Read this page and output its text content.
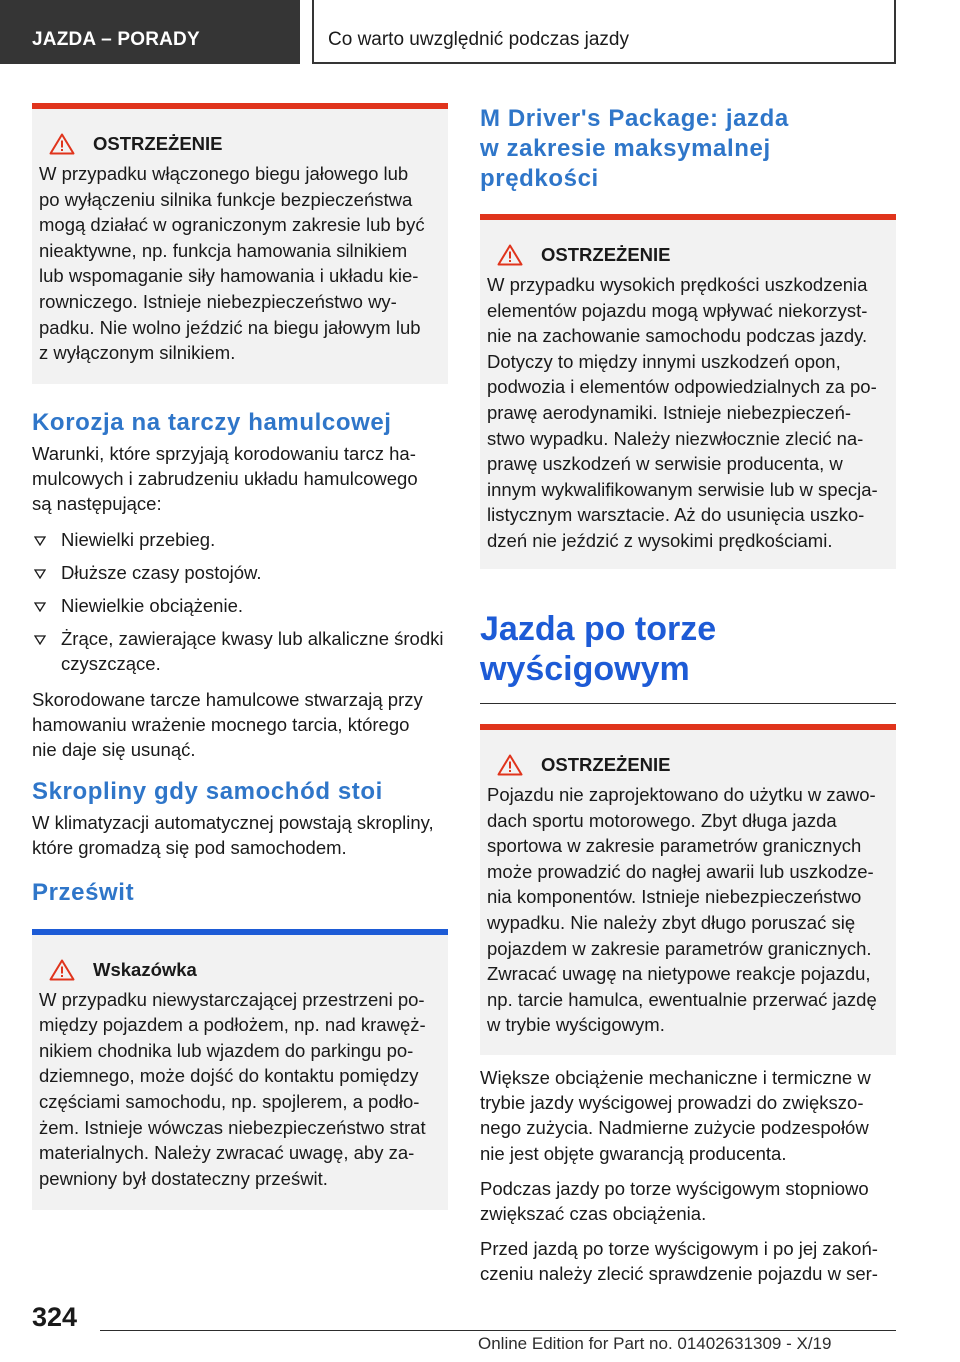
JAZDA – PORADY	Co warto uwzględnić podczas jazdy
OSTRZEŻENIE

W przypadku włączonego biegu jałowego lub
po wyłączeniu silnika funkcje bezpieczeństwa
mogą działać w ograniczonym zakresie lub być
nieaktywne, np. funkcja hamowania silnikiem
lub wspomaganie siły hamowania i układu kie-
rowniczego. Istnieje niebezpieczeństwo wy-
padku. Nie wolno jeździć na biegu jałowym lub
z wyłączonym silnikiem.

Korozja na tarczy hamulcowej

Warunki, które sprzyjają korodowaniu tarcz ha-
mulcowych i zabrudzeniu układu hamulcowego
są następujące:

Niewielki przebieg.
Dłuższe czasy postojów.
Niewielkie obciążenie.
Żrące, zawierające kwasy lub alkaliczne środki
czyszczące.

Skorodowane tarcze hamulcowe stwarzają przy
hamowaniu wrażenie mocnego tarcia, którego
nie daje się usunąć.

Skropliny gdy samochód stoi

W klimatyzacji automatycznej powstają skropliny,
które gromadzą się pod samochodem.

Prześwit
Wskazówka

W przypadku niewystarczającej przestrzeni po-
między pojazdem a podłożem, np. nad krawęż-
nikiem chodnika lub wjazdem do parkingu po-
dziemnego, może dojść do kontaktu pomiędzy
częściami samochodu, np. spojlerem, a podło-
żem. Istnieje wówczas niebezpieczeństwo strat
materialnych. Należy zwracać uwagę, aby za-
pewniony był dostateczny prześwit.

M Driver's Package: jazda
w zakresie maksymalnej
prędkości
OSTRZEŻENIE

W przypadku wysokich prędkości uszkodzenia
elementów pojazdu mogą wpływać niekorzyst-
nie na zachowanie samochodu podczas jazdy.
Dotyczy to między innymi uszkodzeń opon,
podwozia i elementów odpowiedzialnych za po-
prawę aerodynamiki. Istnieje niebezpieczeń-
stwo wypadku. Należy niezwłocznie zlecić na-
prawę uszkodzeń w serwisie producenta, w
innym wykwalifikowanym serwisie lub w specja-
listycznym warsztacie. Aż do usunięcia uszko-
dzeń nie jeździć z wysokimi prędkościami.

Jazda po torze
wyścigowym
OSTRZEŻENIE

Pojazdu nie zaprojektowano do użytku w zawo-
dach sportu motorowego. Zbyt długa jazda
sportowa w zakresie parametrów granicznych
może prowadzić do nagłej awarii lub uszkodze-
nia komponentów. Istnieje niebezpieczeństwo
wypadku. Nie należy zbyt długo poruszać się
pojazdem w zakresie parametrów granicznych.
Zwracać uwagę na nietypowe reakcje pojazdu,
np. tarcie hamulca, ewentualnie przerwać jazdę
w trybie wyścigowym.

Większe obciążenie mechaniczne i termiczne w
trybie jazdy wyścigowej prowadzi do zwiększo-
nego zużycia. Nadmierne zużycie podzespołów
nie jest objęte gwarancją producenta.

Podczas jazdy po torze wyścigowym stopniowo
zwiększać czas obciążenia.

Przed jazdą po torze wyścigowym i po jej zakoń-
czeniu należy zlecić sprawdzenie pojazdu w ser-

324
Online Edition for Part no. 01402631309 - X/19
